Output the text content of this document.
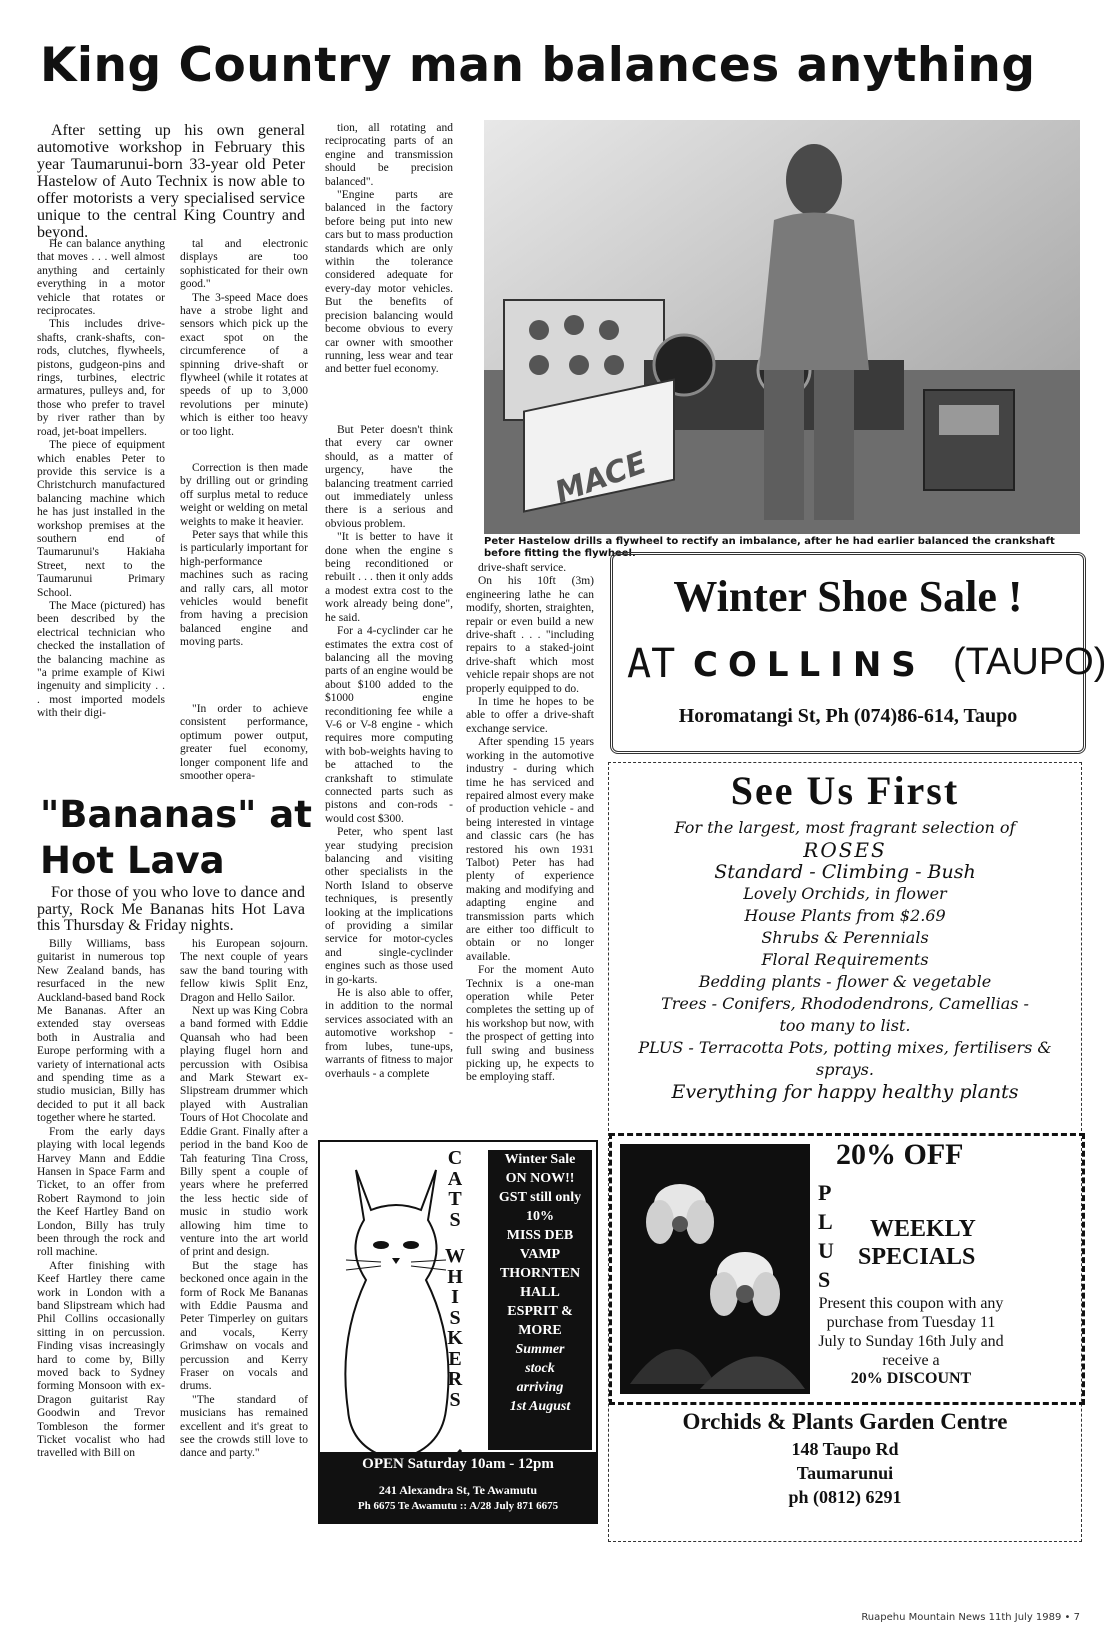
King Country man balances anything
After setting up his own general automotive workshop in February this year Taumarunui-born 33-year old Peter Hastelow of Auto Technix is now able to offer motorists a very specialised service unique to the central King Country and beyond.

He can balance anything that moves . . . well almost anything and certainly everything in a motor vehicle that rotates or reciprocates.

This includes drive-shafts, crank-shafts, con-rods, clutches, flywheels, pistons, gudgeon-pins and rings, turbines, electric armatures, pulleys and, for those who prefer to travel by river rather than by road, jet-boat impellers.

The piece of equipment which enables Peter to provide this service is a Christchurch manufactured balancing machine which he has just installed in the workshop premises at the southern end of Taumarunui's Hakiaha Street, next to the Taumarunui Primary School.

The Mace (pictured) has been described by the electrical technician who checked the installation of the balancing machine as "a prime example of Kiwi ingenuity and simplicity . . . most imported models with their digi-

tal and electronic displays are too sophisticated for their own good."

The 3-speed Mace does have a strobe light and sensors which pick up the exact spot on the circumference of a spinning drive-shaft or flywheel (while it rotates at speeds of up to 3,000 revolutions per minute) which is either too heavy or too light.

Correction is then made by drilling out or grinding off surplus metal to reduce weight or welding on metal weights to make it heavier.

Peter says that while this is particularly important for high-performance machines such as racing and rally cars, all motor vehicles would benefit from having a precision balanced engine and moving parts.

"In order to achieve consistent performance, optimum power output, greater fuel economy, longer component life and smoother opera-

tion, all rotating and reciprocating parts of an engine and transmission should be precision balanced".

"Engine parts are balanced in the factory before being put into new cars but to mass production standards which are only within the tolerance considered adequate for every-day motor vehicles. But the benefits of precision balancing would become obvious to every car owner with smoother running, less wear and tear and better fuel economy.

But Peter doesn't think that every car owner should, as a matter of urgency, have the balancing treatment carried out immediately unless there is a serious and obvious problem.

"It is better to have it done when the engine s being reconditioned or rebuilt . . . then it only adds a modest extra cost to the work already being done", he said.

For a 4-cyclinder car he estimates the extra cost of balancing all the moving parts of an engine would be about $100 added to the $1000 engine reconditioning fee while a V-6 or V-8 engine - which requires more computing with bob-weights having to be attached to the crankshaft to stimulate connected parts such as pistons and con-rods - would cost $300.

Peter, who spent last year studying precision balancing and visiting other specialists in the North Island to observe techniques, is presently looking at the implications of providing a similar service for motor-cycles and single-cyclinder engines such as those used in go-karts.

He is also able to offer, in addition to the normal services associated with an automotive workshop - from lubes, tune-ups, warrants of fitness to major overhauls - a complete

MACE
Peter Hastelow drills a flywheel to rectify an imbalance, after he had earlier balanced the crankshaft before fitting the flywheel.

drive-shaft service.

On his 10ft (3m) engineering lathe he can modify, shorten, straighten, repair or even build a new drive-shaft . . . "including repairs to a staked-joint drive-shaft which most vehicle repair shops are not properly equipped to do.

In time he hopes to be able to offer a drive-shaft exchange service.

After spending 15 years working in the automotive industry - during which time he has serviced and repaired almost every make of production vehicle - and being interested in vintage and classic cars (he has restored his own 1931 Talbot) Peter has had plenty of experience making and modifying and adapting engine and transmission parts which are either too difficult to obtain or no longer available.

For the moment Auto Technix is a one-man operation while Peter completes the setting up of his workshop but now, with the prospect of getting into full swing and business picking up, he expects to be employing staff.

"Bananas" at
Hot Lava
For those of you who love to dance and party, Rock Me Bananas hits Hot Lava this Thursday & Friday nights.

Billy Williams, bass guitarist in numerous top New Zealand bands, has resurfaced in the new Auckland-based band Rock Me Bananas. After an extended stay overseas both in Australia and Europe performing with a variety of international acts and spending time as a studio musician, Billy has decided to put it all back together where he started.

From the early days playing with local legends Harvey Mann and Eddie Hansen in Space Farm and Ticket, to an offer from Robert Raymond to join the Keef Hartley Band on London, Billy has truly been through the rock and roll machine.

After finishing with Keef Hartley there came work in London with a band Slipstream which had Phil Collins occasionally sitting in on percussion. Finding visas increasingly hard to come by, Billy moved back to Sydney forming Monsoon with ex-Dragon guitarist Ray Goodwin and Trevor Tombleson the former Ticket vocalist who had travelled with Bill on

his European sojourn. The next couple of years saw the band touring with fellow kiwis Split Enz, Dragon and Hello Sailor.

Next up was King Cobra a band formed with Eddie Quansah who had been playing flugel horn and percussion with Osibisa and Mark Stewart ex-Slipstream drummer which played with Australian Tours of Hot Chocolate and Eddie Grant. Finally after a period in the band Koo de Tah featuring Tina Cross, Billy spent a couple of years where he preferred the less hectic side of music in studio work allowing him time to venture into the art world of print and design.

But the stage has beckoned once again in the form of Rock Me Bananas with Eddie Pausma and Peter Timperley on guitars and vocals, Kerry Grimshaw on vocals and percussion and Kerry Fraser on vocals and drums.

"The standard of musicians has remained excellent and it's great to see the crowds still love to dance and party."

Winter Shoe Sale !
AT COLLINS (TAUPO)
Horomatangi St, Ph (074)86-614, Taupo
See Us First
For the largest, most fragrant selection of
ROSES
Standard - Climbing - Bush
Lovely Orchids, in flower
House Plants from $2.69
Shrubs & Perennials
Floral Requirements
Bedding plants - flower & vegetable
Trees - Conifers, Rhododendrons, Camellias -
too many to list.
PLUS - Terracotta Pots, potting mixes, fertilisers & sprays.
Everything for happy healthy plants
20% OFF
P
L
U
S
WEEKLY
SPECIALS
Present this coupon with any purchase from Tuesday 11 July to Sunday 16th July and receive a
20% DISCOUNT
Orchids & Plants Garden Centre
148 Taupo Rd
Taumarunui
ph (0812) 6291
C
A
T
S
W
H
I
S
K
E
R
S
Winter Sale
ON NOW!!
GST still only
10%
MISS DEB
VAMP
THORNTEN
HALL
ESPRIT &
MORE
Summer
stock
arriving
1st August
OPEN Saturday 10am - 12pm
241 Alexandra St, Te Awamutu
Ph 6675 Te Awamutu :: A/28 July 871 6675
Ruapehu Mountain News 11th July 1989 • 7
